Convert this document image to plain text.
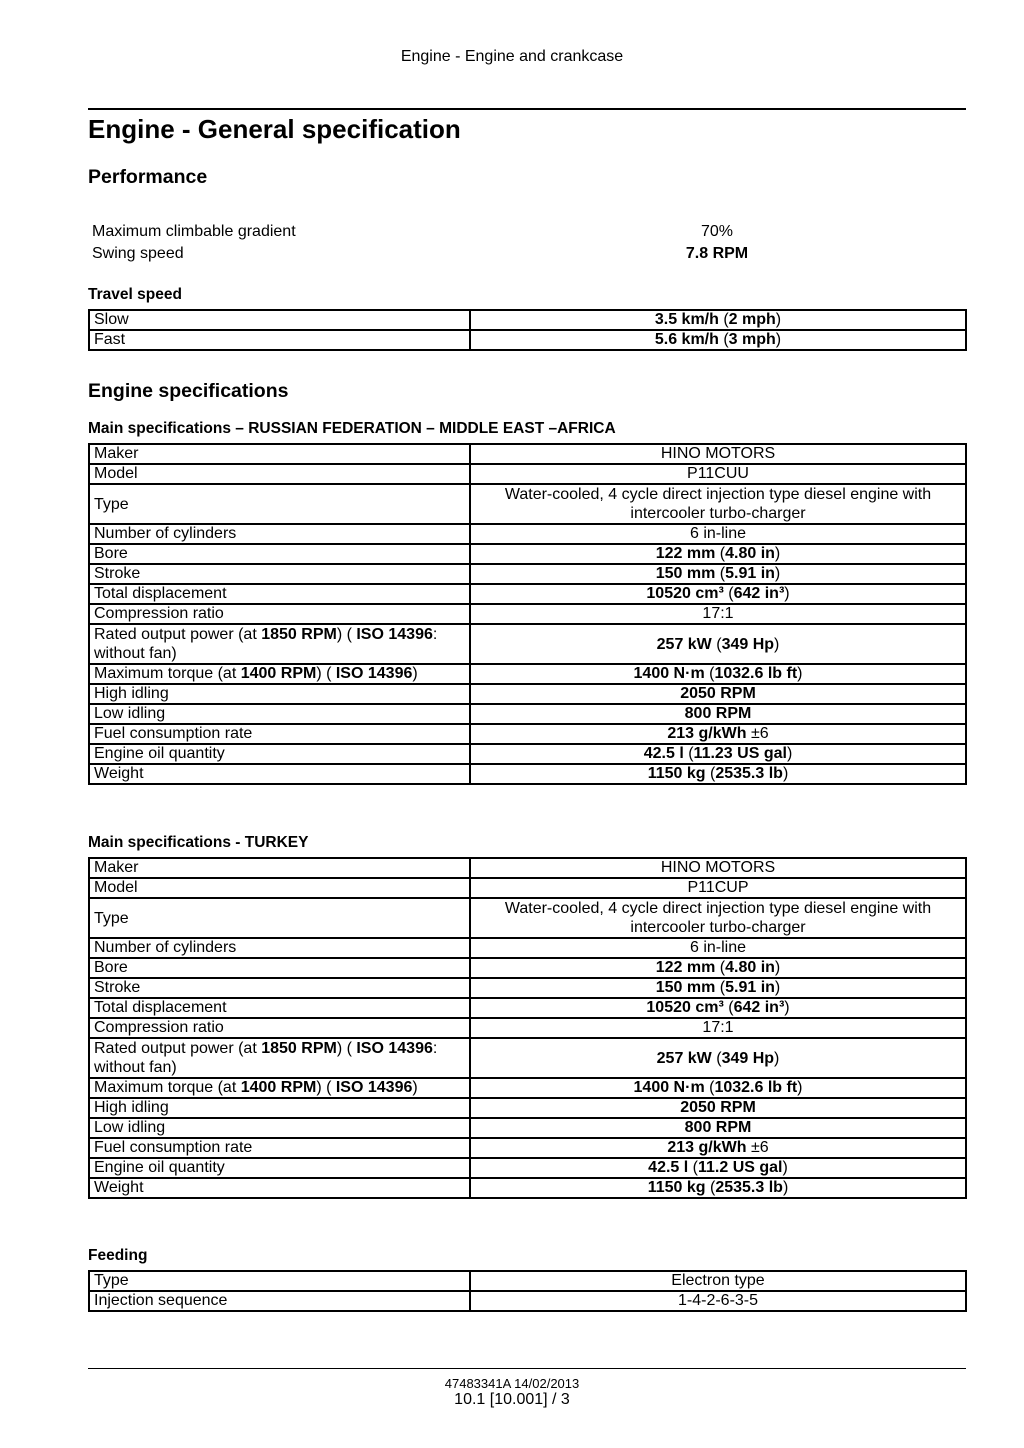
Engine - Engine and crankcase
Engine - General specification
Performance
Maximum climbable gradient	70%
Swing speed	7.8 RPM
Travel speed
Slow	3.5 km/h (2 mph)
Fast	5.6 km/h (3 mph)
Engine specifications
Main specifications – RUSSIAN FEDERATION – MIDDLE EAST –AFRICA
Maker	HINO MOTORS
Model	P11CUU
Type	Water-cooled, 4 cycle direct injection type diesel engine with intercooler turbo-charger
Number of cylinders	6 in-line
Bore	122 mm (4.80 in)
Stroke	150 mm (5.91 in)
Total displacement	10520 cm³ (642 in³)
Compression ratio	17:1
Rated output power (at 1850 RPM) ( ISO 14396: without fan)	257 kW (349 Hp)
Maximum torque (at 1400 RPM) ( ISO 14396)	1400 N·m (1032.6 lb ft)
High idling	2050 RPM
Low idling	800 RPM
Fuel consumption rate	213 g/kWh ±6
Engine oil quantity	42.5 l (11.23 US gal)
Weight	1150 kg (2535.3 lb)
Main specifications - TURKEY
Maker	HINO MOTORS
Model	P11CUP
Type	Water-cooled, 4 cycle direct injection type diesel engine with intercooler turbo-charger
Number of cylinders	6 in-line
Bore	122 mm (4.80 in)
Stroke	150 mm (5.91 in)
Total displacement	10520 cm³ (642 in³)
Compression ratio	17:1
Rated output power (at 1850 RPM) ( ISO 14396: without fan)	257 kW (349 Hp)
Maximum torque (at 1400 RPM) ( ISO 14396)	1400 N·m (1032.6 lb ft)
High idling	2050 RPM
Low idling	800 RPM
Fuel consumption rate	213 g/kWh ±6
Engine oil quantity	42.5 l (11.2 US gal)
Weight	1150 kg (2535.3 lb)
Feeding
Type	Electron type
Injection sequence	1-4-2-6-3-5
47483341A 14/02/2013
10.1 [10.001] / 3
